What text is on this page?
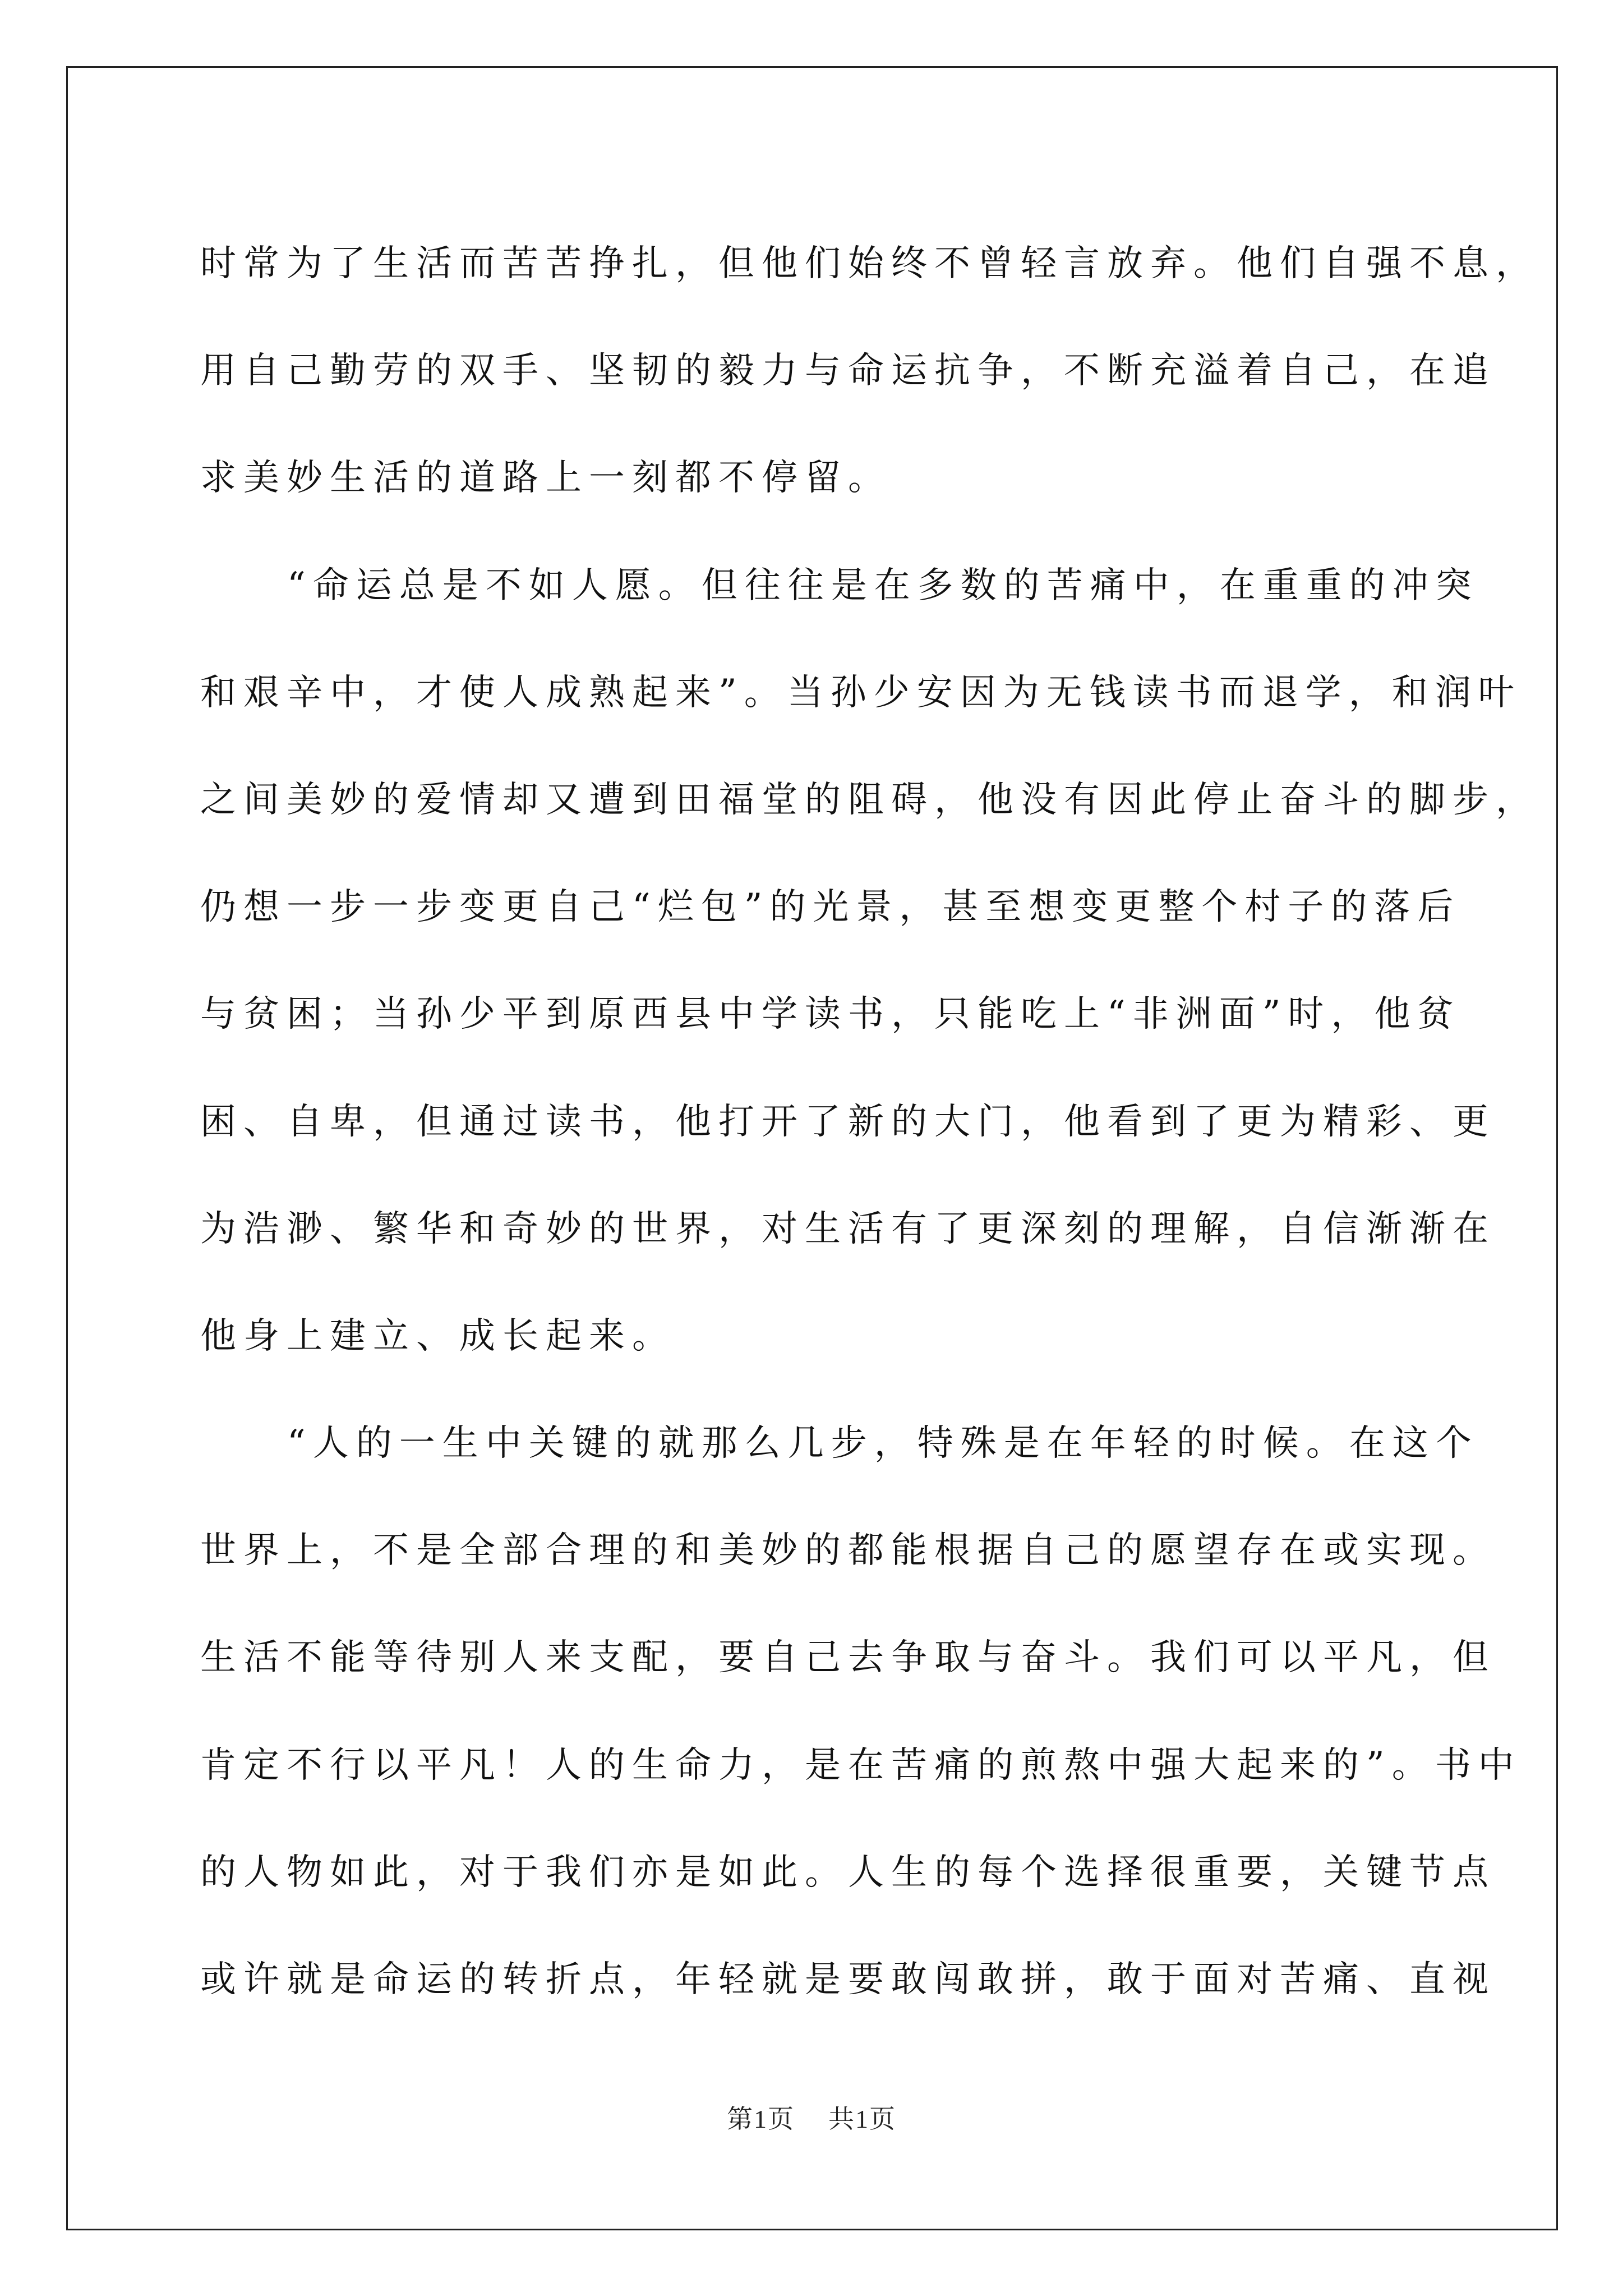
时常为了生活而苦苦挣扎，但他们始终不曾轻言放弃。他们自强不息，
用自己勤劳的双手、坚韧的毅力与命运抗争，不断充溢着自己，在追
求美妙生活的道路上一刻都不停留。
“命运总是不如人愿。但往往是在多数的苦痛中，在重重的冲突
和艰辛中，才使人成熟起来”。当孙少安因为无钱读书而退学，和润叶
之间美妙的爱情却又遭到田福堂的阻碍，他没有因此停止奋斗的脚步，
仍想一步一步变更自己“烂包”的光景，甚至想变更整个村子的落后
与贫困；当孙少平到原西县中学读书，只能吃上“非洲面”时，他贫
困、自卑，但通过读书，他打开了新的大门，他看到了更为精彩、更
为浩渺、繁华和奇妙的世界，对生活有了更深刻的理解，自信渐渐在
他身上建立、成长起来。
“人的一生中关键的就那么几步，特殊是在年轻的时候。在这个
世界上，不是全部合理的和美妙的都能根据自己的愿望存在或实现。
生活不能等待别人来支配，要自己去争取与奋斗。我们可以平凡，但
肯定不行以平凡！人的生命力，是在苦痛的煎熬中强大起来的”。书中
的人物如此，对于我们亦是如此。人生的每个选择很重要，关键节点
或许就是命运的转折点，年轻就是要敢闯敢拼，敢于面对苦痛、直视
第1页 共1页
